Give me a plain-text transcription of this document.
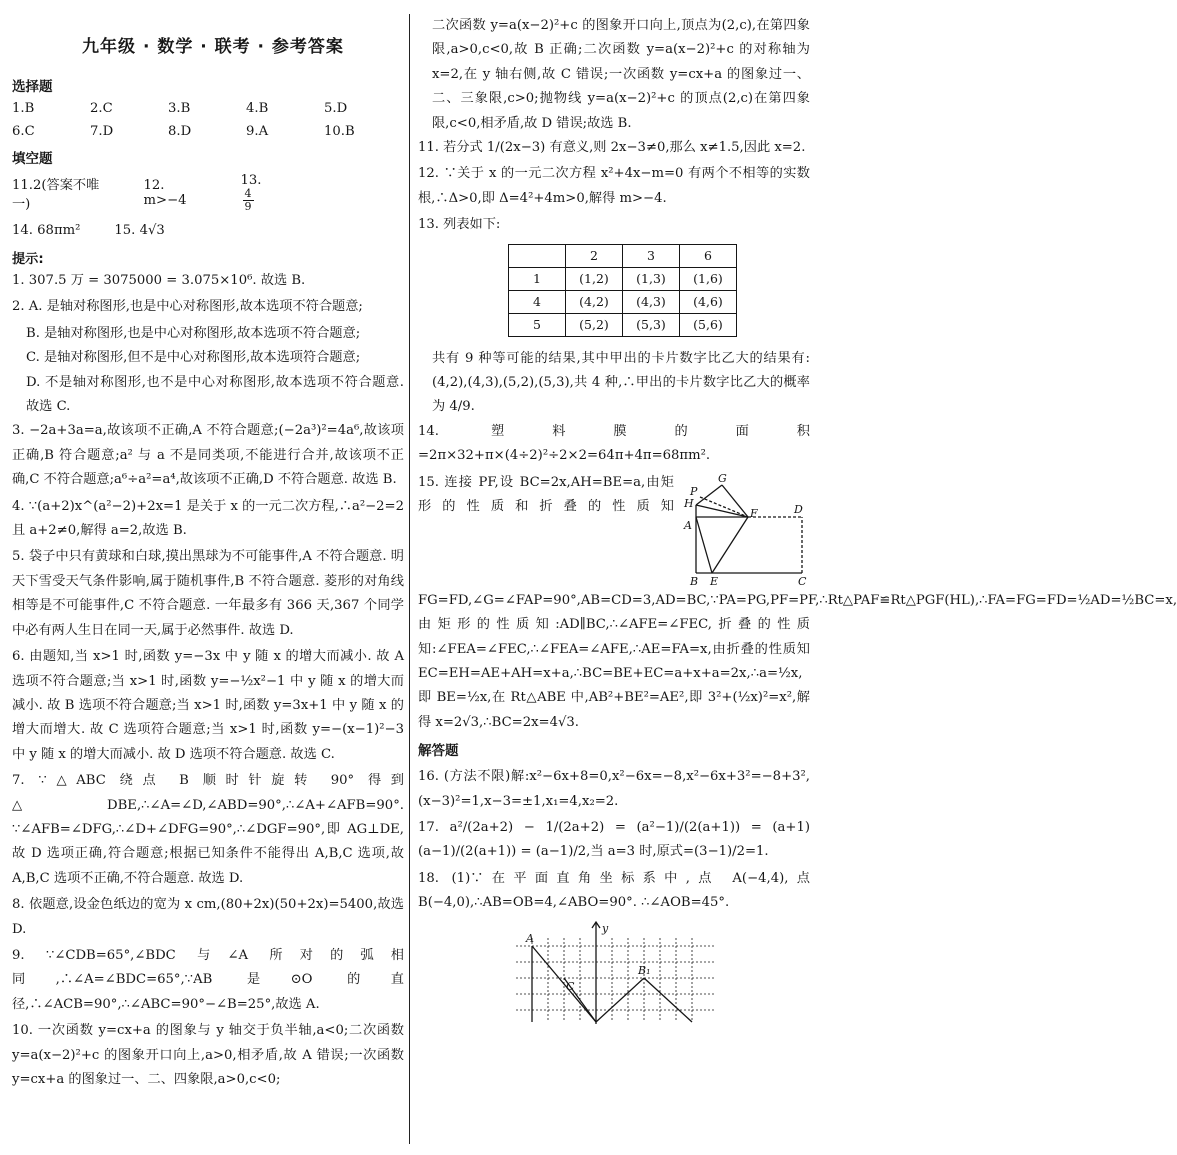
九年级 · 数学 · 联考 · 参考答案
选择题
1.B	2.C	3.B	4.B	5.D
6.C	7.D	8.D	9.A	10.B
填空题
11.2(答案不唯一)
12. m>−4
13.
$\frac{4}{9}$
14. 68πm²	15. 4√3

提示:

1. 307.5 万 = 3075000 = 3.075×10⁶. 故选 B.

2. A. 是轴对称图形,也是中心对称图形,故本选项不符合题意;

B. 是轴对称图形,也是中心对称图形,故本选项不符合题意;

C. 是轴对称图形,但不是中心对称图形,故本选项符合题意;

D. 不是轴对称图形,也不是中心对称图形,故本选项不符合题意. 故选 C.

3. −2a+3a=a,故该项不正确,A 不符合题意;(−2a³)²=4a⁶,故该项正确,B 符合题意;a² 与 a 不是同类项,不能进行合并,故该项不正确,C 不符合题意;a⁶÷a²=a⁴,故该项不正确,D 不符合题意. 故选 B.

4. ∵(a+2)x^(a²−2)+2x=1 是关于 x 的一元二次方程,∴a²−2=2 且 a+2≠0,解得 a=2,故选 B.

5. 袋子中只有黄球和白球,摸出黑球为不可能事件,A 不符合题意. 明天下雪受天气条件影响,属于随机事件,B 不符合题意. 菱形的对角线相等是不可能事件,C 不符合题意. 一年最多有 366 天,367 个同学中必有两人生日在同一天,属于必然事件. 故选 D.

6. 由题知,当 x>1 时,函数 y=−3x 中 y 随 x 的增大而减小. 故 A 选项不符合题意;当 x>1 时,函数 y=−½x²−1 中 y 随 x 的增大而减小. 故 B 选项不符合题意;当 x>1 时,函数 y=3x+1 中 y 随 x 的增大而增大. 故 C 选项符合题意;当 x>1 时,函数 y=−(x−1)²−3 中 y 随 x 的增大而减小. 故 D 选项不符合题意. 故选 C.

7. ∵△ABC 绕点 B 顺时针旋转 90° 得到△DBE,∴∠A=∠D,∠ABD=90°,∴∠A+∠AFB=90°. ∵∠AFB=∠DFG,∴∠D+∠DFG=90°,∴∠DGF=90°,即 AG⊥DE,故 D 选项正确,符合题意;根据已知条件不能得出 A,B,C 选项,故 A,B,C 选项不正确,不符合题意. 故选 D.

8. 依题意,设金色纸边的宽为 x cm,(80+2x)(50+2x)=5400,故选 D.

9. ∵∠CDB=65°,∠BDC 与∠A 所对的弧相同,∴∠A=∠BDC=65°,∵AB 是⊙O 的直径,∴∠ACB=90°,∴∠ABC=90°−∠B=25°,故选 A.

10. 一次函数 y=cx+a 的图象与 y 轴交于负半轴,a<0;二次函数 y=a(x−2)²+c 的图象开口向上,a>0,相矛盾,故 A 错误;一次函数 y=cx+a 的图象过一、二、四象限,a>0,c<0;

二次函数 y=a(x−2)²+c 的图象开口向上,顶点为(2,c),在第四象限,a>0,c<0,故 B 正确;二次函数 y=a(x−2)²+c 的对称轴为 x=2,在 y 轴右侧,故 C 错误;一次函数 y=cx+a 的图象过一、二、三象限,c>0;抛物线 y=a(x−2)²+c 的顶点(2,c)在第四象限,c<0,相矛盾,故 D 错误;故选 B.

11. 若分式 1/(2x−3) 有意义,则 2x−3≠0,那么 x≠1.5,因此 x=2.

12. ∵关于 x 的一元二次方程 x²+4x−m=0 有两个不相等的实数根,∴Δ>0,即 Δ=4²+4m>0,解得 m>−4.

13. 列表如下:

	2	3	6
1	(1,2)	(1,3)	(1,6)
4	(4,2)	(4,3)	(4,6)
5	(5,2)	(5,3)	(5,6)

共有 9 种等可能的结果,其中甲出的卡片数字比乙大的结果有:(4,2),(4,3),(5,2),(5,3),共 4 种,∴甲出的卡片数字比乙大的概率为 4/9.

14. 塑料膜的面积=2π×32+π×(4÷2)²÷2×2=64π+4π=68πm².

P
G
H
A
F	D
B E	C

15. 连接 PF,设 BC=2x,AH=BE=a,由矩形的性质和折叠的性质知 FG=FD,∠G=∠FAP=90°,AB=CD=3,AD=BC,∵PA=PG,PF=PF,∴Rt△PAF≌Rt△PGF(HL),∴FA=FG=FD=½AD=½BC=x,由矩形的性质知:AD∥BC,∴∠AFE=∠FEC,折叠的性质知:∠FEA=∠FEC,∴∠FEA=∠AFE,∴AE=FA=x,由折叠的性质知 EC=EH=AE+AH=x+a,∴BC=BE+EC=a+x+a=2x,∴a=½x,即 BE=½x,在 Rt△ABE 中,AB²+BE²=AE²,即 3²+(½x)²=x²,解得 x=2√3,∴BC=2x=4√3.

解答题

16. (方法不限)解:x²−6x+8=0,x²−6x=−8,x²−6x+3²=−8+3²,(x−3)²=1,x−3=±1,x₁=4,x₂=2.

17. a²/(2a+2) − 1/(2a+2) = (a²−1)/(2(a+1)) = (a+1)(a−1)/(2(a+1)) = (a−1)/2,当 a=3 时,原式=(3−1)/2=1.

18. (1)∵在平面直角坐标系中,点 A(−4,4),点 B(−4,0),∴AB=OB=4,∠ABO=90°. ∴∠AOB=45°.

y
A
C
B₁
